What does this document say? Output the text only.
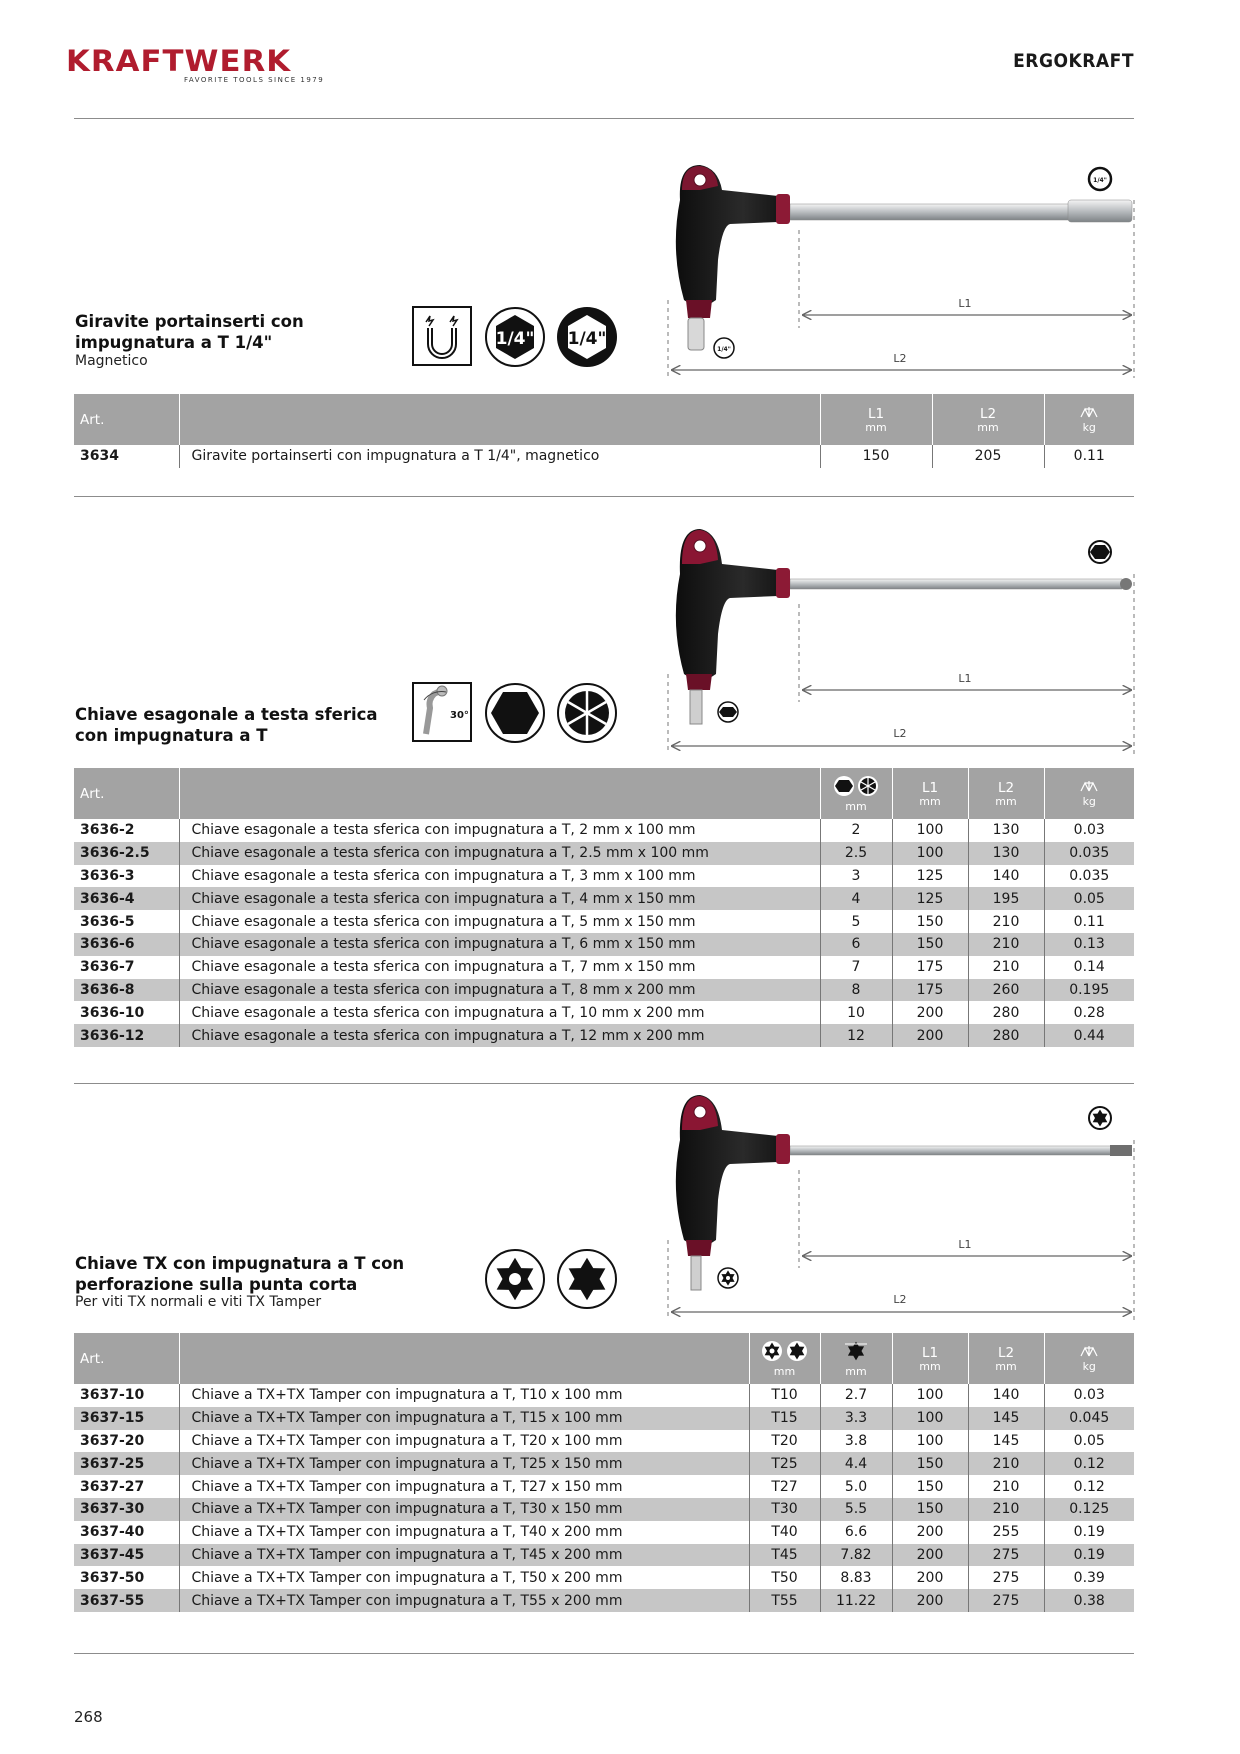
KRAFTWERK
FAVORITE TOOLS SINCE 1979
ERGOKRAFT
Giravite portainserti con
impugnatura a T 1/4"
Magnetico
1/4" 1/4"
L1
L2
1/4"
1/4"
Art.		L1
mm	L2
mm	kg

3634	Giravite portainserti con impugnatura a T 1/4", magnetico	150	205	0.11
Chiave esagonale a testa sferica
con impugnatura a T
30°
L1
L2
Art.		mm	L1
mm	L2
mm	kg

3636-2	Chiave esagonale a testa sferica con impugnatura a T, 2 mm x 100 mm	2	100	130	0.03
3636-2.5	Chiave esagonale a testa sferica con impugnatura a T, 2.5 mm x 100 mm	2.5	100	130	0.035
3636-3	Chiave esagonale a testa sferica con impugnatura a T, 3 mm x 100 mm	3	125	140	0.035
3636-4	Chiave esagonale a testa sferica con impugnatura a T, 4 mm x 150 mm	4	125	195	0.05
3636-5	Chiave esagonale a testa sferica con impugnatura a T, 5 mm x 150 mm	5	150	210	0.11
3636-6	Chiave esagonale a testa sferica con impugnatura a T, 6 mm x 150 mm	6	150	210	0.13
3636-7	Chiave esagonale a testa sferica con impugnatura a T, 7 mm x 150 mm	7	175	210	0.14
3636-8	Chiave esagonale a testa sferica con impugnatura a T, 8 mm x 200 mm	8	175	260	0.195
3636-10	Chiave esagonale a testa sferica con impugnatura a T, 10 mm x 200 mm	10	200	280	0.28
3636-12	Chiave esagonale a testa sferica con impugnatura a T, 12 mm x 200 mm	12	200	280	0.44
Chiave TX con impugnatura a T con
perforazione sulla punta corta
Per viti TX normali e viti TX Tamper
L1
L2
Art.		mm	mm	L1
mm	L2
mm	kg

3637-10	Chiave a TX+TX Tamper con impugnatura a T, T10 x 100 mm	T10	2.7	100	140	0.03
3637-15	Chiave a TX+TX Tamper con impugnatura a T, T15 x 100 mm	T15	3.3	100	145	0.045
3637-20	Chiave a TX+TX Tamper con impugnatura a T, T20 x 100 mm	T20	3.8	100	145	0.05
3637-25	Chiave a TX+TX Tamper con impugnatura a T, T25 x 150 mm	T25	4.4	150	210	0.12
3637-27	Chiave a TX+TX Tamper con impugnatura a T, T27 x 150 mm	T27	5.0	150	210	0.12
3637-30	Chiave a TX+TX Tamper con impugnatura a T, T30 x 150 mm	T30	5.5	150	210	0.125
3637-40	Chiave a TX+TX Tamper con impugnatura a T, T40 x 200 mm	T40	6.6	200	255	0.19
3637-45	Chiave a TX+TX Tamper con impugnatura a T, T45 x 200 mm	T45	7.82	200	275	0.19
3637-50	Chiave a TX+TX Tamper con impugnatura a T, T50 x 200 mm	T50	8.83	200	275	0.39
3637-55	Chiave a TX+TX Tamper con impugnatura a T, T55 x 200 mm	T55	11.22	200	275	0.38
268
